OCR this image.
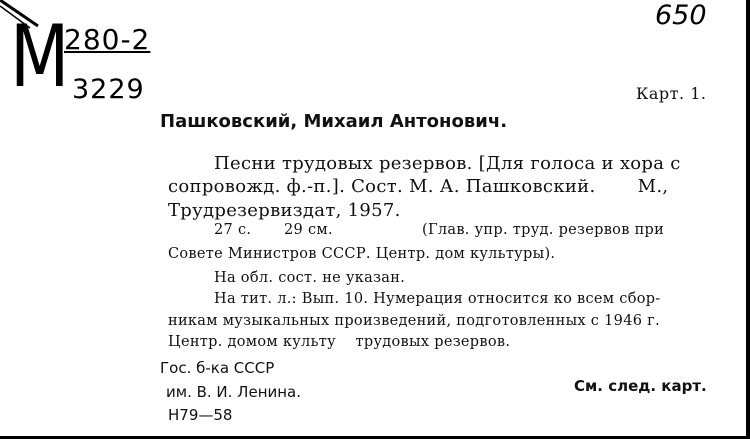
М
280-2
3229
650
Карт. 1.
Пашковский, Михаил Антонович.
Песни трудовых резервов. [Для голоса и хора с
сопровожд. ф.-п.]. Сост. М. А. Пашковский.       М.,
Трудрезервиздат, 1957.
27 с. 29 см.	(Глав. упр. труд. резервов при
Совете Министров СССР. Центр. дом культуры).
На обл. сост. не указан.
На тит. л.: Вып. 10. Нумерация относится ко всем сбор-
никам музыкальных произведений, подготовленных с 1946 г.
Центр. домом культу    трудовых резервов.
Гос. б-ка СССР
им. В. И. Ленина.
Н79—58
См. след. карт.
